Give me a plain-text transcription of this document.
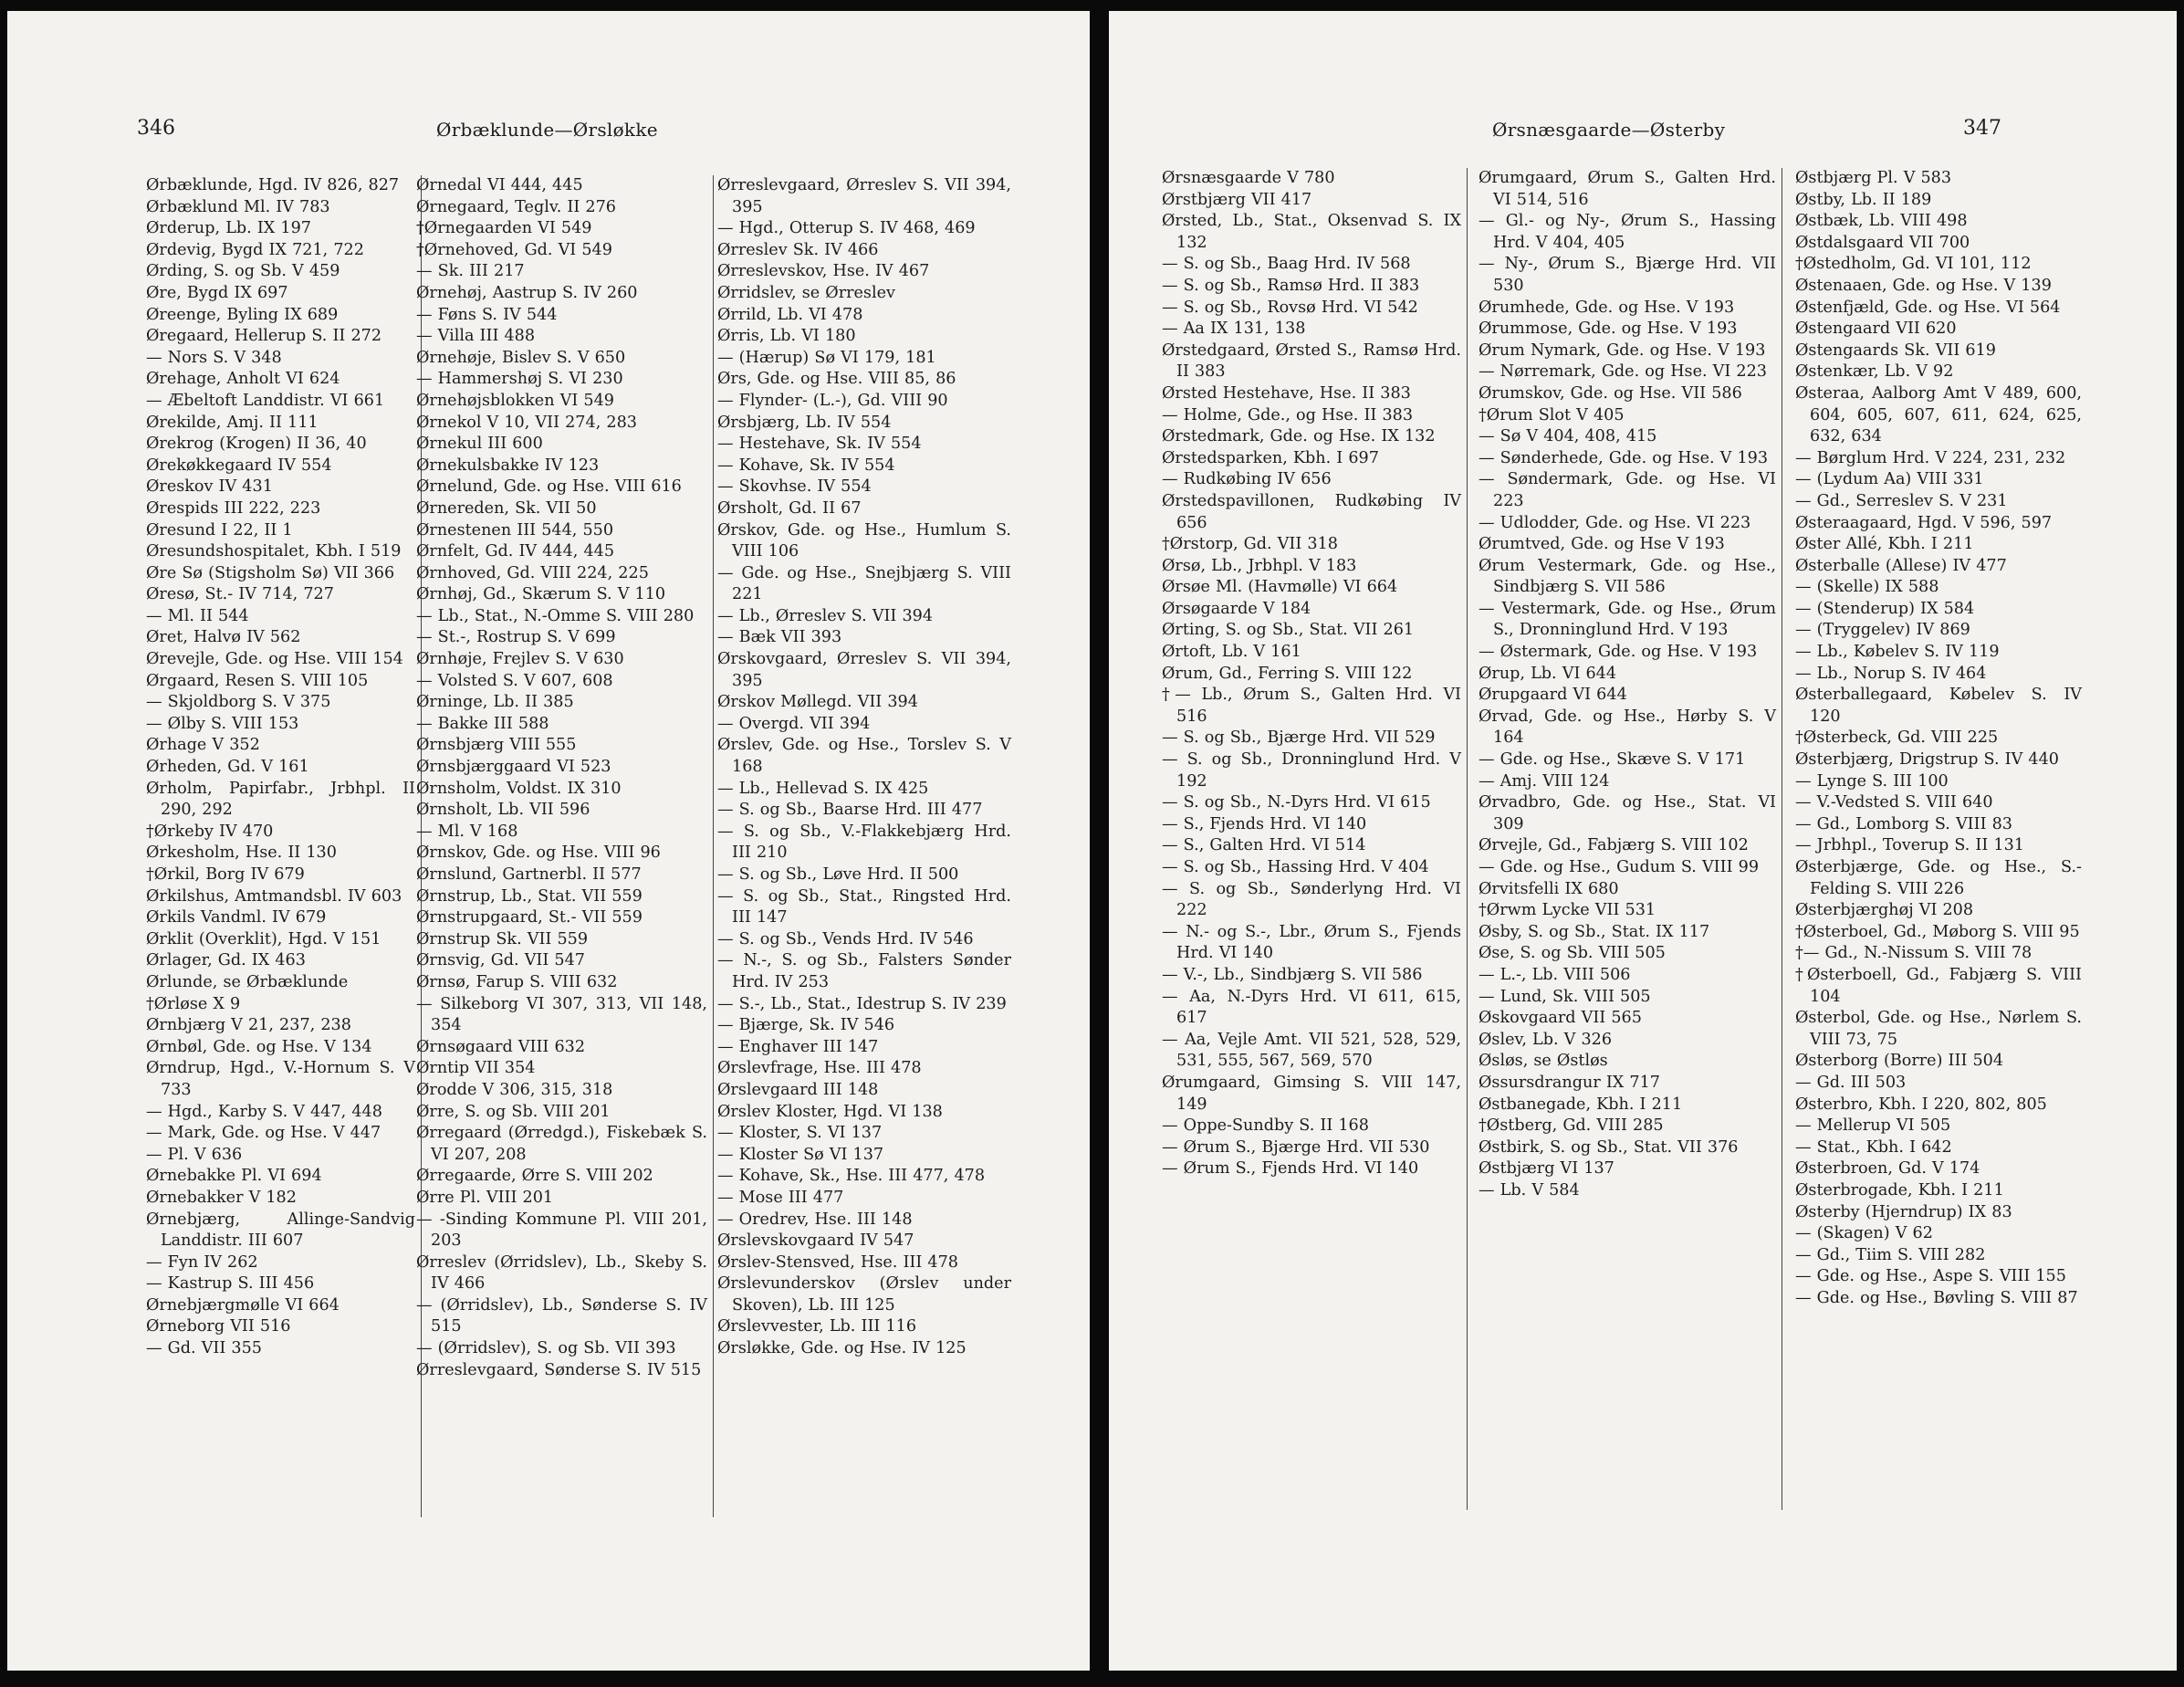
346	Ørbæklunde—Ørsløkke

Ørbæklunde, Hgd. IV 826, 827

Ørbæklund Ml. IV 783

Ørderup, Lb. IX 197

Ørdevig, Bygd IX 721, 722

Ørding, S. og Sb. V 459

Øre, Bygd IX 697

Øreenge, Byling IX 689

Øregaard, Hellerup S. II 272

— Nors S. V 348

Ørehage, Anholt VI 624

— Æbeltoft Landdistr. VI 661

Ørekilde, Amj. II 111

Ørekrog (Krogen) II 36, 40

Ørekøkkegaard IV 554

Øreskov IV 431

Ørespids III 222, 223

Øresund I 22, II 1

Øresundshospitalet, Kbh. I 519

Øre Sø (Stigsholm Sø) VII 366

Øresø, St.- IV 714, 727

— Ml. II 544

Øret, Halvø IV 562

Ørevejle, Gde. og Hse. VIII 154

Ørgaard, Resen S. VIII 105

— Skjoldborg S. V 375

— Ølby S. VIII 153

Ørhage V 352

Ørheden, Gd. V 161

Ørholm, Papirfabr., Jrbhpl. II 290, 292

†Ørkeby IV 470

Ørkesholm, Hse. II 130

†Ørkil, Borg IV 679

Ørkilshus, Amtmandsbl. IV 603

Ørkils Vandml. IV 679

Ørklit (Overklit), Hgd. V 151

Ørlager, Gd. IX 463

Ørlunde, se Ørbæklunde

†Ørløse X 9

Ørnbjærg V 21, 237, 238

Ørnbøl, Gde. og Hse. V 134

Ørndrup, Hgd., V.-Hornum S. V 733

— Hgd., Karby S. V 447, 448

— Mark, Gde. og Hse. V 447

— Pl. V 636

Ørnebakke Pl. VI 694

Ørnebakker V 182

Ørnebjærg, Allinge-Sandvig Landdistr. III 607

— Fyn IV 262

— Kastrup S. III 456

Ørnebjærgmølle VI 664

Ørneborg VII 516

— Gd. VII 355

Ørnedal VI 444, 445

Ørnegaard, Teglv. II 276

†Ørnegaarden VI 549

†Ørnehoved, Gd. VI 549

— Sk. III 217

Ørnehøj, Aastrup S. IV 260

— Føns S. IV 544

— Villa III 488

Ørnehøje, Bislev S. V 650

— Hammershøj S. VI 230

Ørnehøjsblokken VI 549

Ørnekol V 10, VII 274, 283

Ørnekul III 600

Ørnekulsbakke IV 123

Ørnelund, Gde. og Hse. VIII 616

Ørnereden, Sk. VII 50

Ørnestenen III 544, 550

Ørnfelt, Gd. IV 444, 445

Ørnhoved, Gd. VIII 224, 225

Ørnhøj, Gd., Skærum S. V 110

— Lb., Stat., N.-Omme S. VIII 280

— St.-, Rostrup S. V 699

Ørnhøje, Frejlev S. V 630

— Volsted S. V 607, 608

Ørninge, Lb. II 385

— Bakke III 588

Ørnsbjærg VIII 555

Ørnsbjærggaard VI 523

Ørnsholm, Voldst. IX 310

Ørnsholt, Lb. VII 596

— Ml. V 168

Ørnskov, Gde. og Hse. VIII 96

Ørnslund, Gartnerbl. II 577

Ørnstrup, Lb., Stat. VII 559

Ørnstrupgaard, St.- VII 559

Ørnstrup Sk. VII 559

Ørnsvig, Gd. VII 547

Ørnsø, Farup S. VIII 632

— Silkeborg VI 307, 313, VII 148, 354

Ørnsøgaard VIII 632

Ørntip VII 354

Ørodde V 306, 315, 318

Ørre, S. og Sb. VIII 201

Ørregaard (Ørredgd.), Fiskebæk S. VI 207, 208

Ørregaarde, Ørre S. VIII 202

Ørre Pl. VIII 201

— -Sinding Kommune Pl. VIII 201, 203

Ørreslev (Ørridslev), Lb., Skeby S. IV 466

— (Ørridslev), Lb., Sønderse S. IV 515

— (Ørridslev), S. og Sb. VII 393

Ørreslevgaard, Sønderse S. IV 515

Ørreslevgaard, Ørreslev S. VII 394, 395

— Hgd., Otterup S. IV 468, 469

Ørreslev Sk. IV 466

Ørreslevskov, Hse. IV 467

Ørridslev, se Ørreslev

Ørrild, Lb. VI 478

Ørris, Lb. VI 180

— (Hærup) Sø VI 179, 181

Ørs, Gde. og Hse. VIII 85, 86

— Flynder- (L.-), Gd. VIII 90

Ørsbjærg, Lb. IV 554

— Hestehave, Sk. IV 554

— Kohave, Sk. IV 554

— Skovhse. IV 554

Ørsholt, Gd. II 67

Ørskov, Gde. og Hse., Humlum S. VIII 106

— Gde. og Hse., Snejbjærg S. VIII 221

— Lb., Ørreslev S. VII 394

— Bæk VII 393

Ørskovgaard, Ørreslev S. VII 394, 395

Ørskov Møllegd. VII 394

— Overgd. VII 394

Ørslev, Gde. og Hse., Torslev S. V 168

— Lb., Hellevad S. IX 425

— S. og Sb., Baarse Hrd. III 477

— S. og Sb., V.-Flakkebjærg Hrd. III 210

— S. og Sb., Løve Hrd. II 500

— S. og Sb., Stat., Ringsted Hrd. III 147

— S. og Sb., Vends Hrd. IV 546

— N.-, S. og Sb., Falsters Sønder Hrd. IV 253

— S.-, Lb., Stat., Idestrup S. IV 239

— Bjærge, Sk. IV 546

— Enghaver III 147

Ørslevfrage, Hse. III 478

Ørslevgaard III 148

Ørslev Kloster, Hgd. VI 138

— Kloster, S. VI 137

— Kloster Sø VI 137

— Kohave, Sk., Hse. III 477, 478

— Mose III 477

— Oredrev, Hse. III 148

Ørslevskovgaard IV 547

Ørslev-Stensved, Hse. III 478

Ørslevunderskov (Ørslev under Skoven), Lb. III 125

Ørslevvester, Lb. III 116

Ørsløkke, Gde. og Hse. IV 125

Ørsnæsgaarde—Østerby	347

Ørsnæsgaarde V 780

Ørstbjærg VII 417

Ørsted, Lb., Stat., Oksenvad S. IX 132

— S. og Sb., Baag Hrd. IV 568

— S. og Sb., Ramsø Hrd. II 383

— S. og Sb., Rovsø Hrd. VI 542

— Aa IX 131, 138

Ørstedgaard, Ørsted S., Ramsø Hrd. II 383

Ørsted Hestehave, Hse. II 383

— Holme, Gde., og Hse. II 383

Ørstedmark, Gde. og Hse. IX 132

Ørstedsparken, Kbh. I 697

— Rudkøbing IV 656

Ørstedspavillonen, Rudkøbing IV 656

†Ørstorp, Gd. VII 318

Ørsø, Lb., Jrbhpl. V 183

Ørsøe Ml. (Havmølle) VI 664

Ørsøgaarde V 184

Ørting, S. og Sb., Stat. VII 261

Ørtoft, Lb. V 161

Ørum, Gd., Ferring S. VIII 122

†— Lb., Ørum S., Galten Hrd. VI 516

— S. og Sb., Bjærge Hrd. VII 529

— S. og Sb., Dronninglund Hrd. V 192

— S. og Sb., N.-Dyrs Hrd. VI 615

— S., Fjends Hrd. VI 140

— S., Galten Hrd. VI 514

— S. og Sb., Hassing Hrd. V 404

— S. og Sb., Sønderlyng Hrd. VI 222

— N.- og S.-, Lbr., Ørum S., Fjends Hrd. VI 140

— V.-, Lb., Sindbjærg S. VII 586

— Aa, N.-Dyrs Hrd. VI 611, 615, 617

— Aa, Vejle Amt. VII 521, 528, 529, 531, 555, 567, 569, 570

Ørumgaard, Gimsing S. VIII 147, 149

— Oppe-Sundby S. II 168

— Ørum S., Bjærge Hrd. VII 530

— Ørum S., Fjends Hrd. VI 140

Ørumgaard, Ørum S., Galten Hrd. VI 514, 516

— Gl.- og Ny-, Ørum S., Hassing Hrd. V 404, 405

— Ny-, Ørum S., Bjærge Hrd. VII 530

Ørumhede, Gde. og Hse. V 193

Ørummose, Gde. og Hse. V 193

Ørum Nymark, Gde. og Hse. V 193

— Nørremark, Gde. og Hse. VI 223

Ørumskov, Gde. og Hse. VII 586

†Ørum Slot V 405

— Sø V 404, 408, 415

— Sønderhede, Gde. og Hse. V 193

— Søndermark, Gde. og Hse. VI 223

— Udlodder, Gde. og Hse. VI 223

Ørumtved, Gde. og Hse V 193

Ørum Vestermark, Gde. og Hse., Sindbjærg S. VII 586

— Vestermark, Gde. og Hse., Ørum S., Dronninglund Hrd. V 193

— Østermark, Gde. og Hse. V 193

Ørup, Lb. VI 644

Ørupgaard VI 644

Ørvad, Gde. og Hse., Hørby S. V 164

— Gde. og Hse., Skæve S. V 171

— Amj. VIII 124

Ørvadbro, Gde. og Hse., Stat. VI 309

Ørvejle, Gd., Fabjærg S. VIII 102

— Gde. og Hse., Gudum S. VIII 99

Ørvitsfelli IX 680

†Ørwm Lycke VII 531

Øsby, S. og Sb., Stat. IX 117

Øse, S. og Sb. VIII 505

— L.-, Lb. VIII 506

— Lund, Sk. VIII 505

Øskovgaard VII 565

Øslev, Lb. V 326

Øsløs, se Østløs

Øssursdrangur IX 717

Østbanegade, Kbh. I 211

†Østberg, Gd. VIII 285

Østbirk, S. og Sb., Stat. VII 376

Østbjærg VI 137

— Lb. V 584

Østbjærg Pl. V 583

Østby, Lb. II 189

Østbæk, Lb. VIII 498

Østdalsgaard VII 700

†Østedholm, Gd. VI 101, 112

Østenaaen, Gde. og Hse. V 139

Østenfjæld, Gde. og Hse. VI 564

Østengaard VII 620

Østengaards Sk. VII 619

Østenkær, Lb. V 92

Østeraa, Aalborg Amt V 489, 600, 604, 605, 607, 611, 624, 625, 632, 634

— Børglum Hrd. V 224, 231, 232

— (Lydum Aa) VIII 331

— Gd., Serreslev S. V 231

Østeraagaard, Hgd. V 596, 597

Øster Allé, Kbh. I 211

Østerballe (Allese) IV 477

— (Skelle) IX 588

— (Stenderup) IX 584

— (Tryggelev) IV 869

— Lb., Købelev S. IV 119

— Lb., Norup S. IV 464

Østerballegaard, Købelev S. IV 120

†Østerbeck, Gd. VIII 225

Østerbjærg, Drigstrup S. IV 440

— Lynge S. III 100

— V.-Vedsted S. VIII 640

— Gd., Lomborg S. VIII 83

— Jrbhpl., Toverup S. II 131

Østerbjærge, Gde. og Hse., S.-Felding S. VIII 226

Østerbjærghøj VI 208

†Østerboel, Gd., Møborg S. VIII 95

†— Gd., N.-Nissum S. VIII 78

†Østerboell, Gd., Fabjærg S. VIII 104

Østerbol, Gde. og Hse., Nørlem S. VIII 73, 75

Østerborg (Borre) III 504

— Gd. III 503

Østerbro, Kbh. I 220, 802, 805

— Mellerup VI 505

— Stat., Kbh. I 642

Østerbroen, Gd. V 174

Østerbrogade, Kbh. I 211

Østerby (Hjerndrup) IX 83

— (Skagen) V 62

— Gd., Tiim S. VIII 282

— Gde. og Hse., Aspe S. VIII 155

— Gde. og Hse., Bøvling S. VIII 87
